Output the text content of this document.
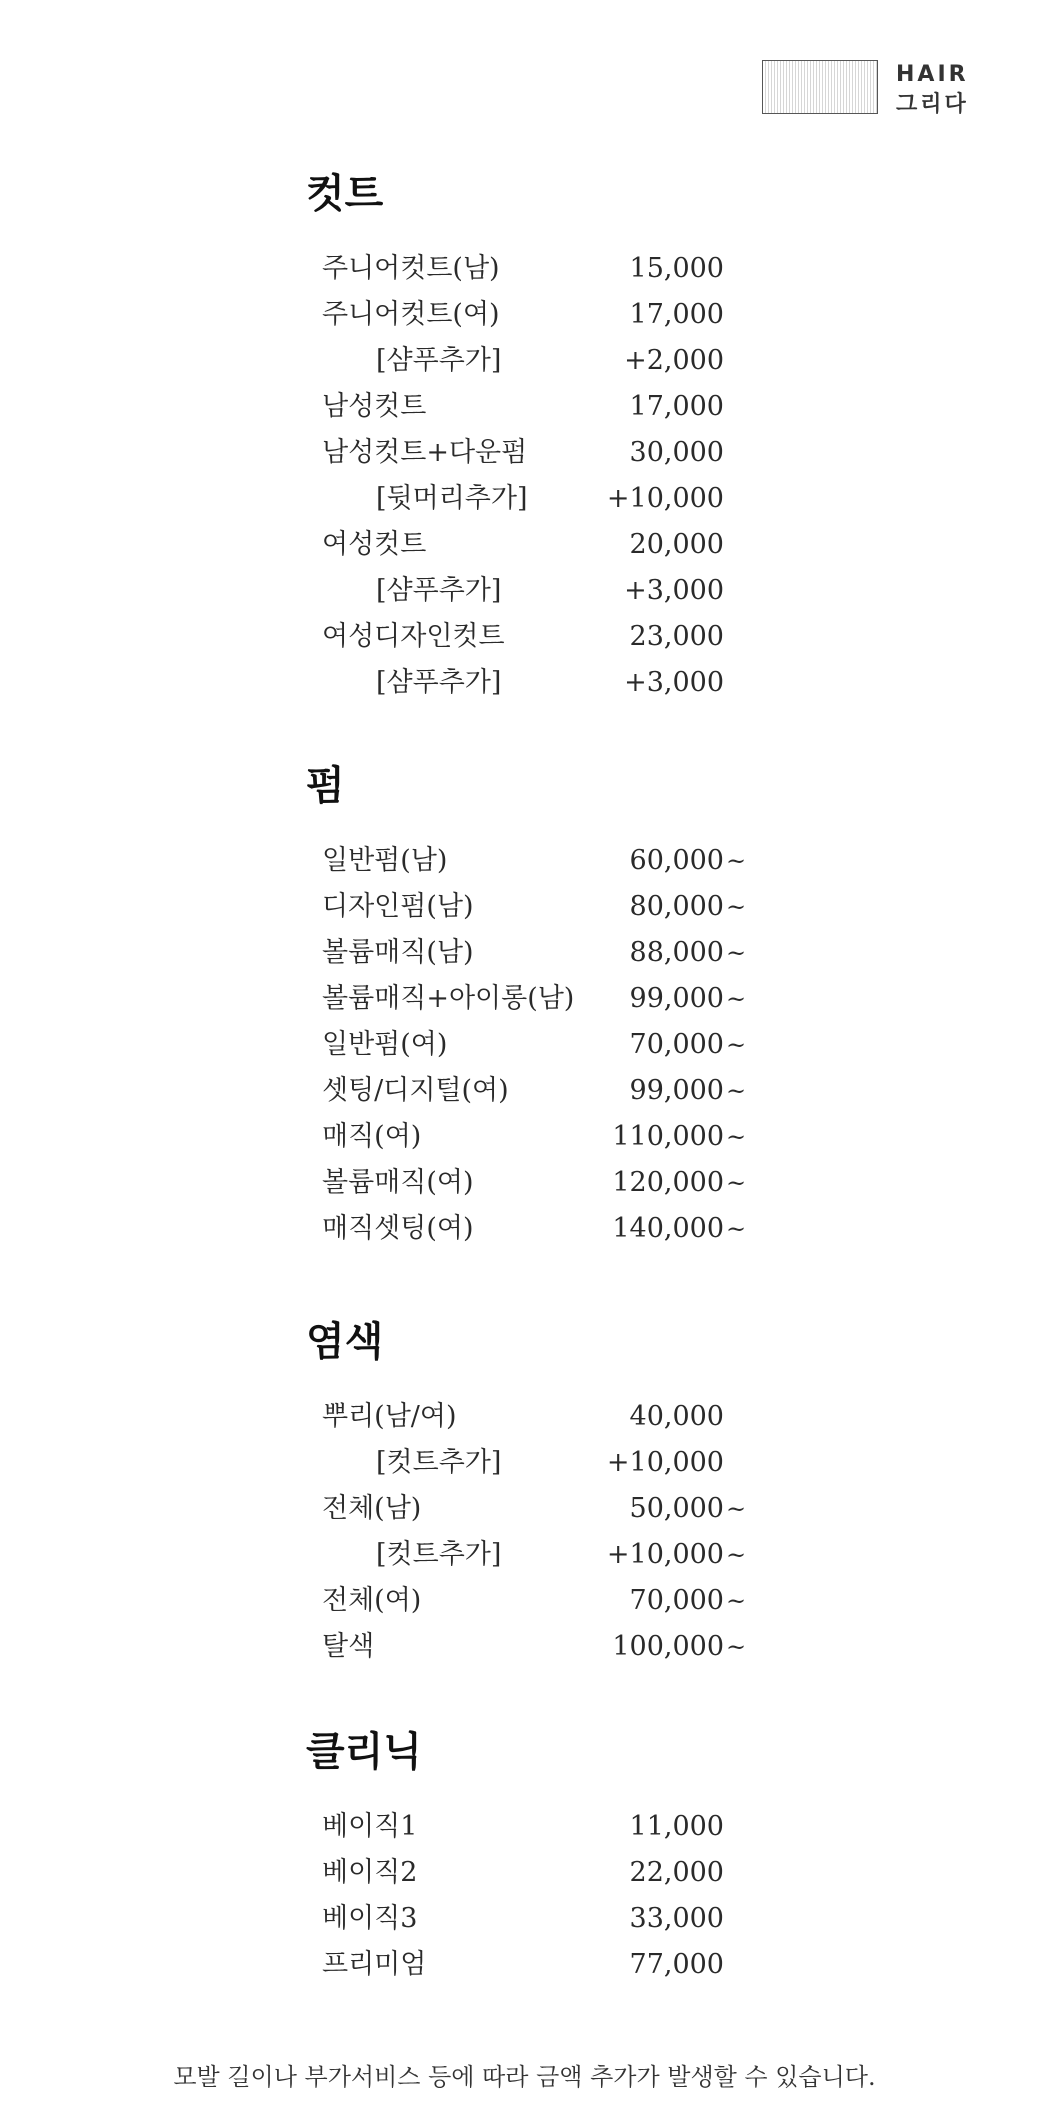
HAIR
그리다
컷트
주니어컷트(남)	15,000
주니어컷트(여)	17,000
[샴푸추가]	+2,000
남성컷트	17,000
남성컷트+다운펌	30,000
[뒷머리추가]	+10,000
여성컷트	20,000
[샴푸추가]	+3,000
여성디자인컷트	23,000
[샴푸추가]	+3,000
펌
일반펌(남)	60,000 ~
디자인펌(남)	80,000 ~
볼륨매직(남)	88,000 ~
볼륨매직+아이롱(남) 99,000 ~
일반펌(여)	70,000 ~
셋팅/디지털(여)	99,000 ~
매직(여)	110,000 ~
볼륨매직(여)	120,000 ~
매직셋팅(여)	140,000 ~
염색
뿌리(남/여)	40,000
[컷트추가]	+10,000
전체(남)	50,000 ~
[컷트추가]	+10,000 ~
전체(여)	70,000 ~
탈색	100,000 ~
클리닉
베이직1	11,000
베이직2	22,000
베이직3	33,000
프리미엄	77,000
모발 길이나 부가서비스 등에 따라 금액 추가가 발생할 수 있습니다.
